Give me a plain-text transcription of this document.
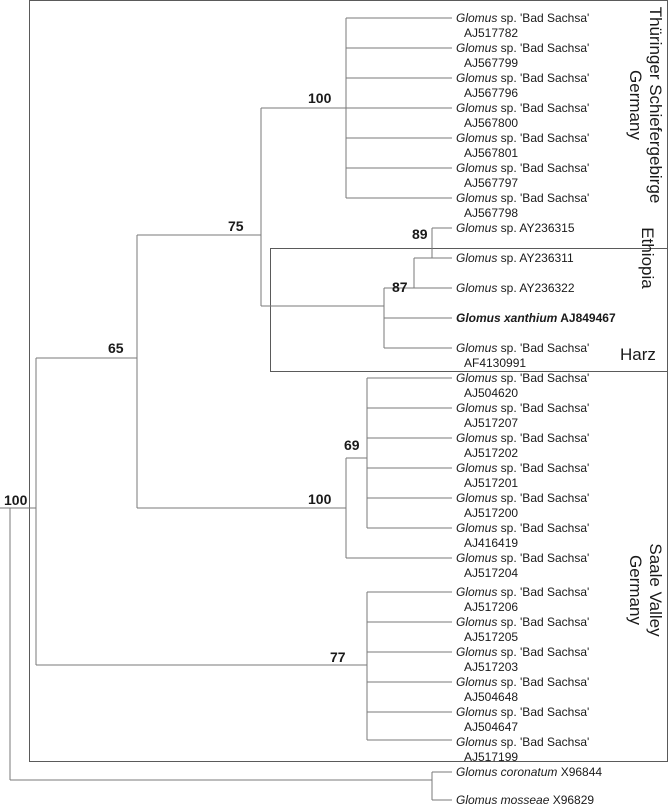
Glomus sp. 'Bad Sachsa'
AJ517782
Glomus sp. 'Bad Sachsa'
AJ567799
Glomus sp. 'Bad Sachsa'
AJ567796
Glomus sp. 'Bad Sachsa'
AJ567800
Glomus sp. 'Bad Sachsa'
AJ567801
Glomus sp. 'Bad Sachsa'
AJ567797
Glomus sp. 'Bad Sachsa'
AJ567798
Glomus sp. AY236315
Glomus sp. AY236311
Glomus sp. AY236322
Glomus xanthium AJ849467
Glomus sp. 'Bad Sachsa'
AF4130991
Glomus sp. 'Bad Sachsa'
AJ504620
Glomus sp. 'Bad Sachsa'
AJ517207
Glomus sp. 'Bad Sachsa'
AJ517202
Glomus sp. 'Bad Sachsa'
AJ517201
Glomus sp. 'Bad Sachsa'
AJ517200
Glomus sp. 'Bad Sachsa'
AJ416419
Glomus sp. 'Bad Sachsa'
AJ517204
Glomus sp. 'Bad Sachsa'
AJ517206
Glomus sp. 'Bad Sachsa'
AJ517205
Glomus sp. 'Bad Sachsa'
AJ517203
Glomus sp. 'Bad Sachsa'
AJ504648
Glomus sp. 'Bad Sachsa'
AJ504647
Glomus sp. 'Bad Sachsa'
AJ517199
Glomus coronatum X96844
Glomus mosseae X96829
100
65
75
100
87
89
100
69
77
Thüringer Schiefergebirge
Germany
Ethiopia
Harz
Saale Valley
Germany
